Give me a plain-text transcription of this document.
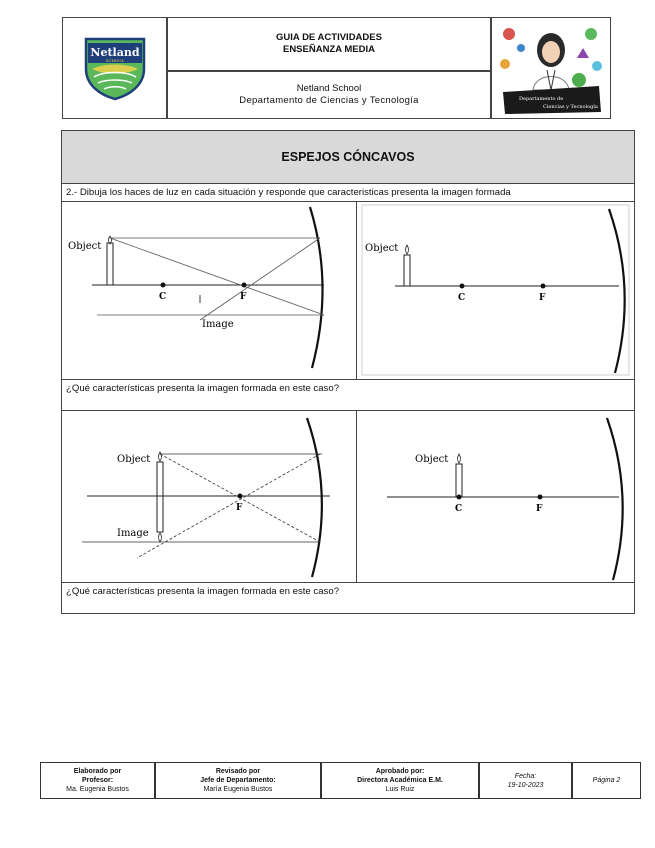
Netland
SCHOOL
GUIA DE ACTIVIDADES
ENSEÑANZA MEDIA
Netland School
Departamento de Ciencias y Tecnología	Departamento de
Ciencias y Tecnología
ESPEJOS CÓNCAVOS
2.- Dibuja los haces de luz en cada situación y responde que caracteristicas presenta la imagen formada
Object
C	F
Image
Object
C	F
¿Qué características presenta la imagen formada en este caso?
Object
Image
F
Object
C	F
¿Qué características presenta la imagen formada en este caso?
Elaborado por
Profesor:
Ma. Eugenia Bustos
Revisado por
Jefe de Departamento:
María Eugenia Bustos
Aprobado por:
Directora Académica E.M.
Luis Ruiz
Fecha:
19-10-2023
Página 2
